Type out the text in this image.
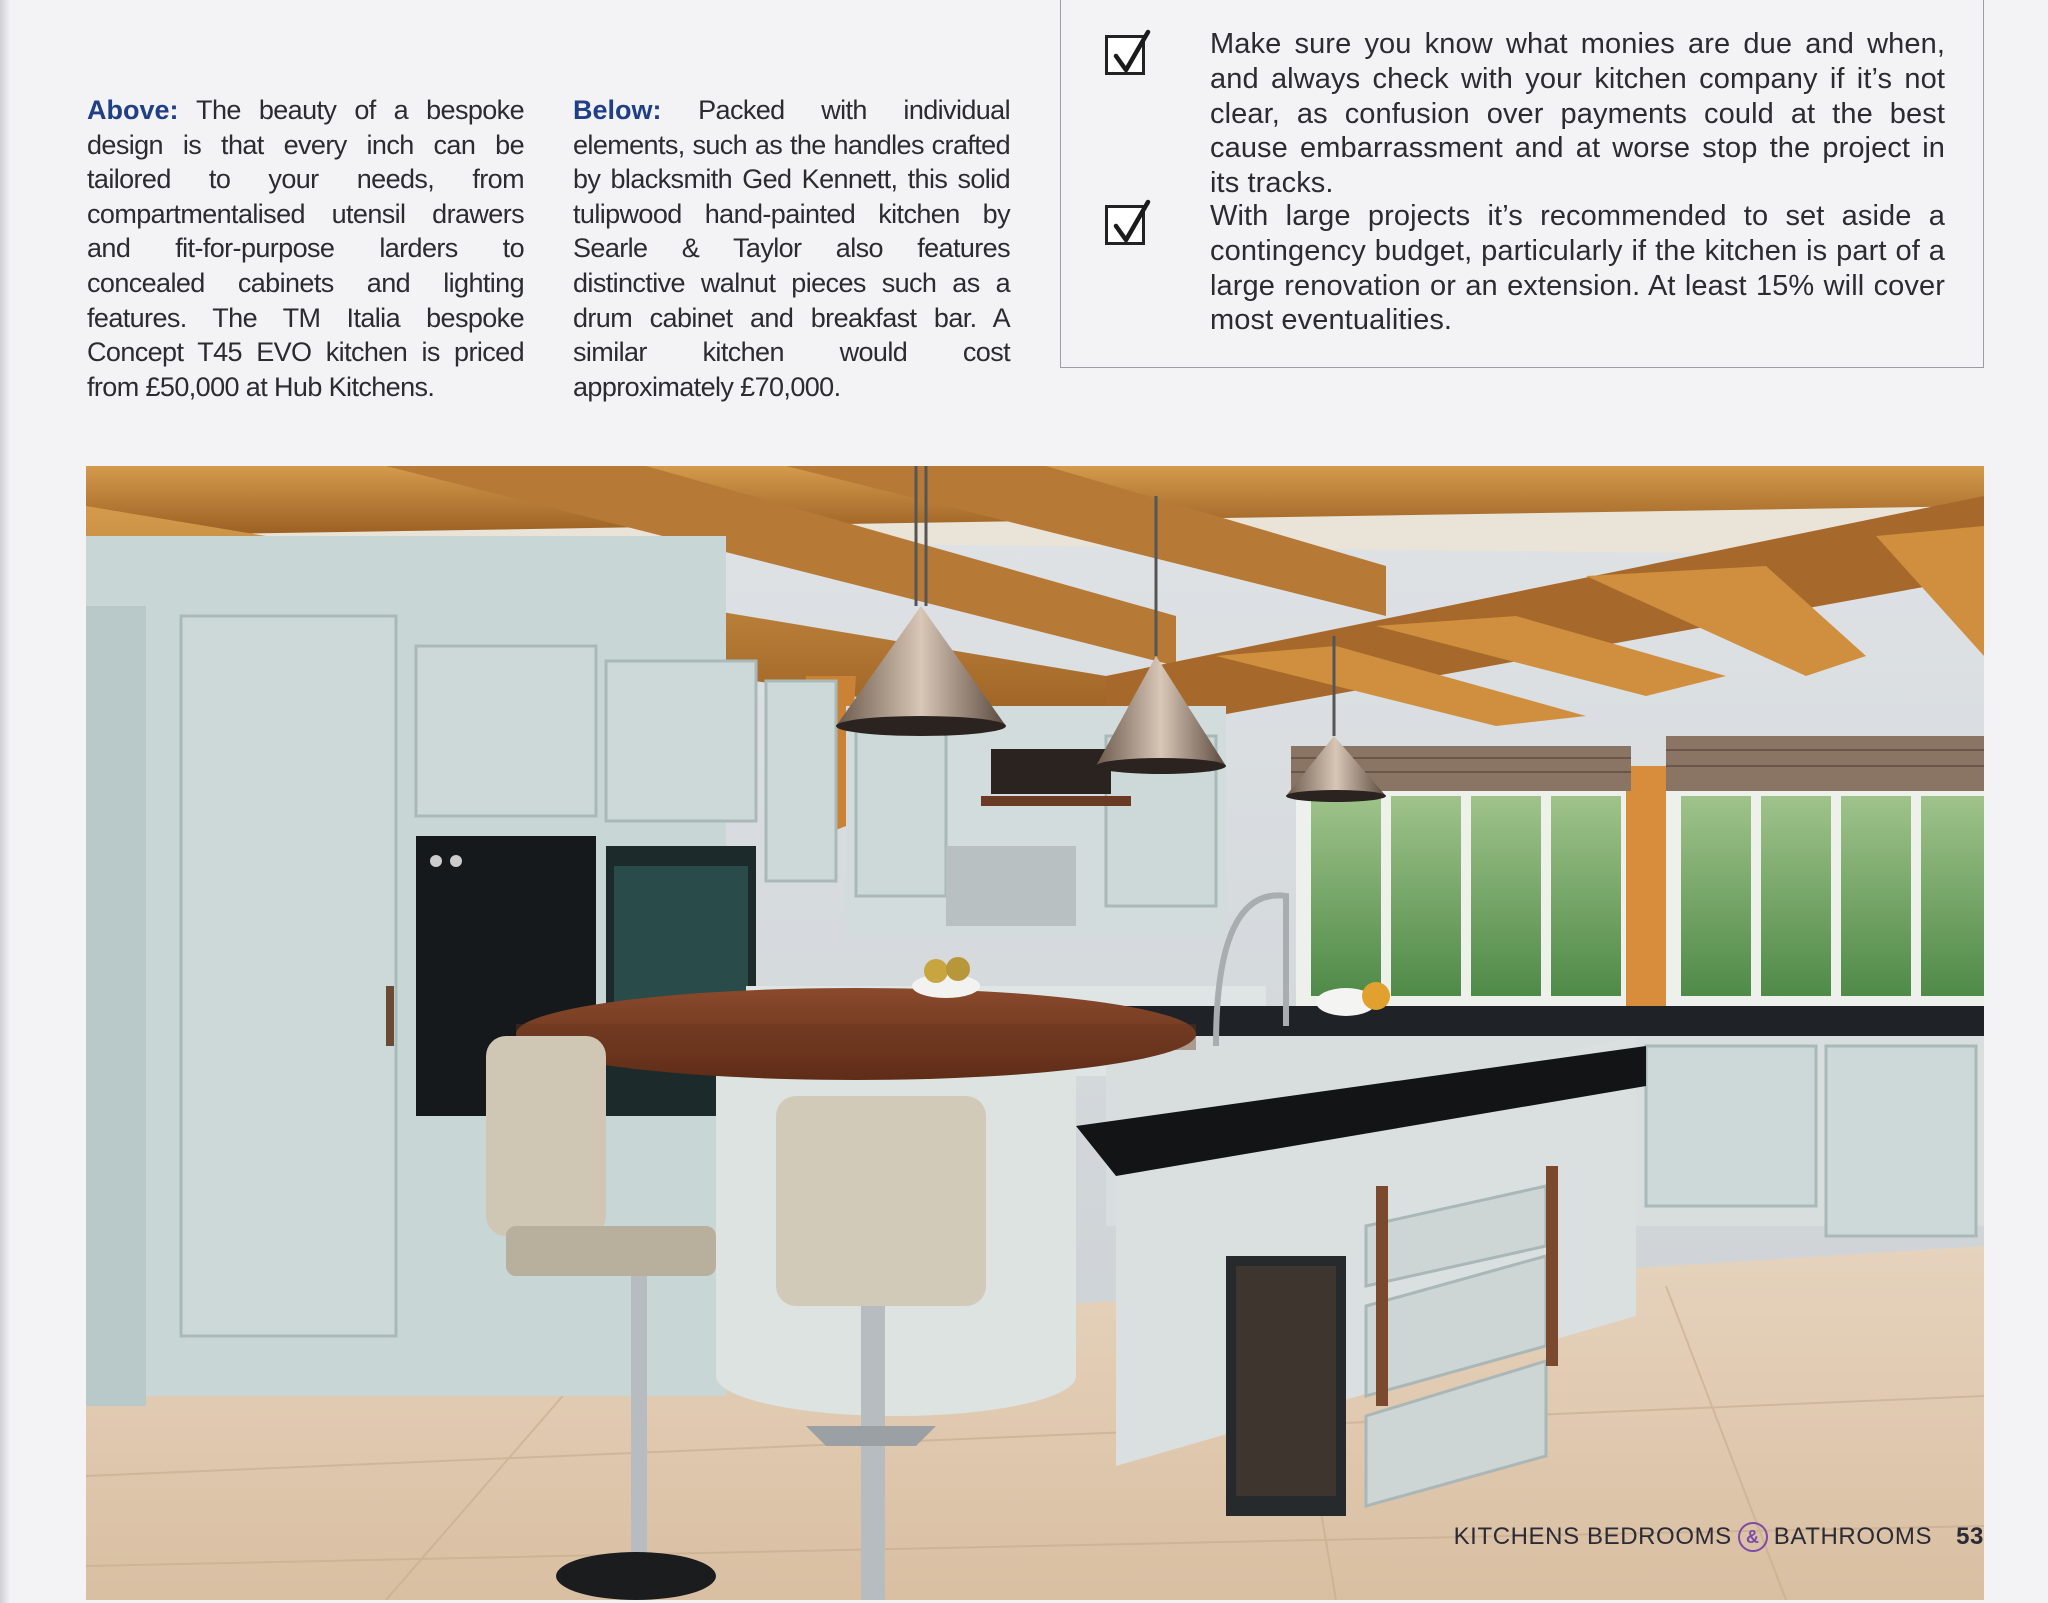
Above: The beauty of a bespoke design is that every inch can be tailored to your needs, from compartmentalised utensil drawers and fit-for-purpose larders to concealed cabinets and lighting features. The TM Italia bespoke Concept T45 EVO kitchen is priced from £50,000 at Hub Kitchens.

Below: Packed with individual elements, such as the handles crafted by blacksmith Ged Kennett, this solid tulipwood hand-painted kitchen by Searle & Taylor also features distinctive walnut pieces such as a drum cabinet and breakfast bar. A similar kitchen would cost approximately £70,000.

Make sure you know what monies are due and when, and always check with your kitchen company if it’s not clear, as confusion over payments could at the best cause embarrassment and at worse stop the project in its tracks.
With large projects it’s recommended to set aside a contingency budget, particularly if the kitchen is part of a large renovation or an extension. At least 15% will cover most eventualities.
KITCHENS BEDROOMS & BATHROOMS 53
